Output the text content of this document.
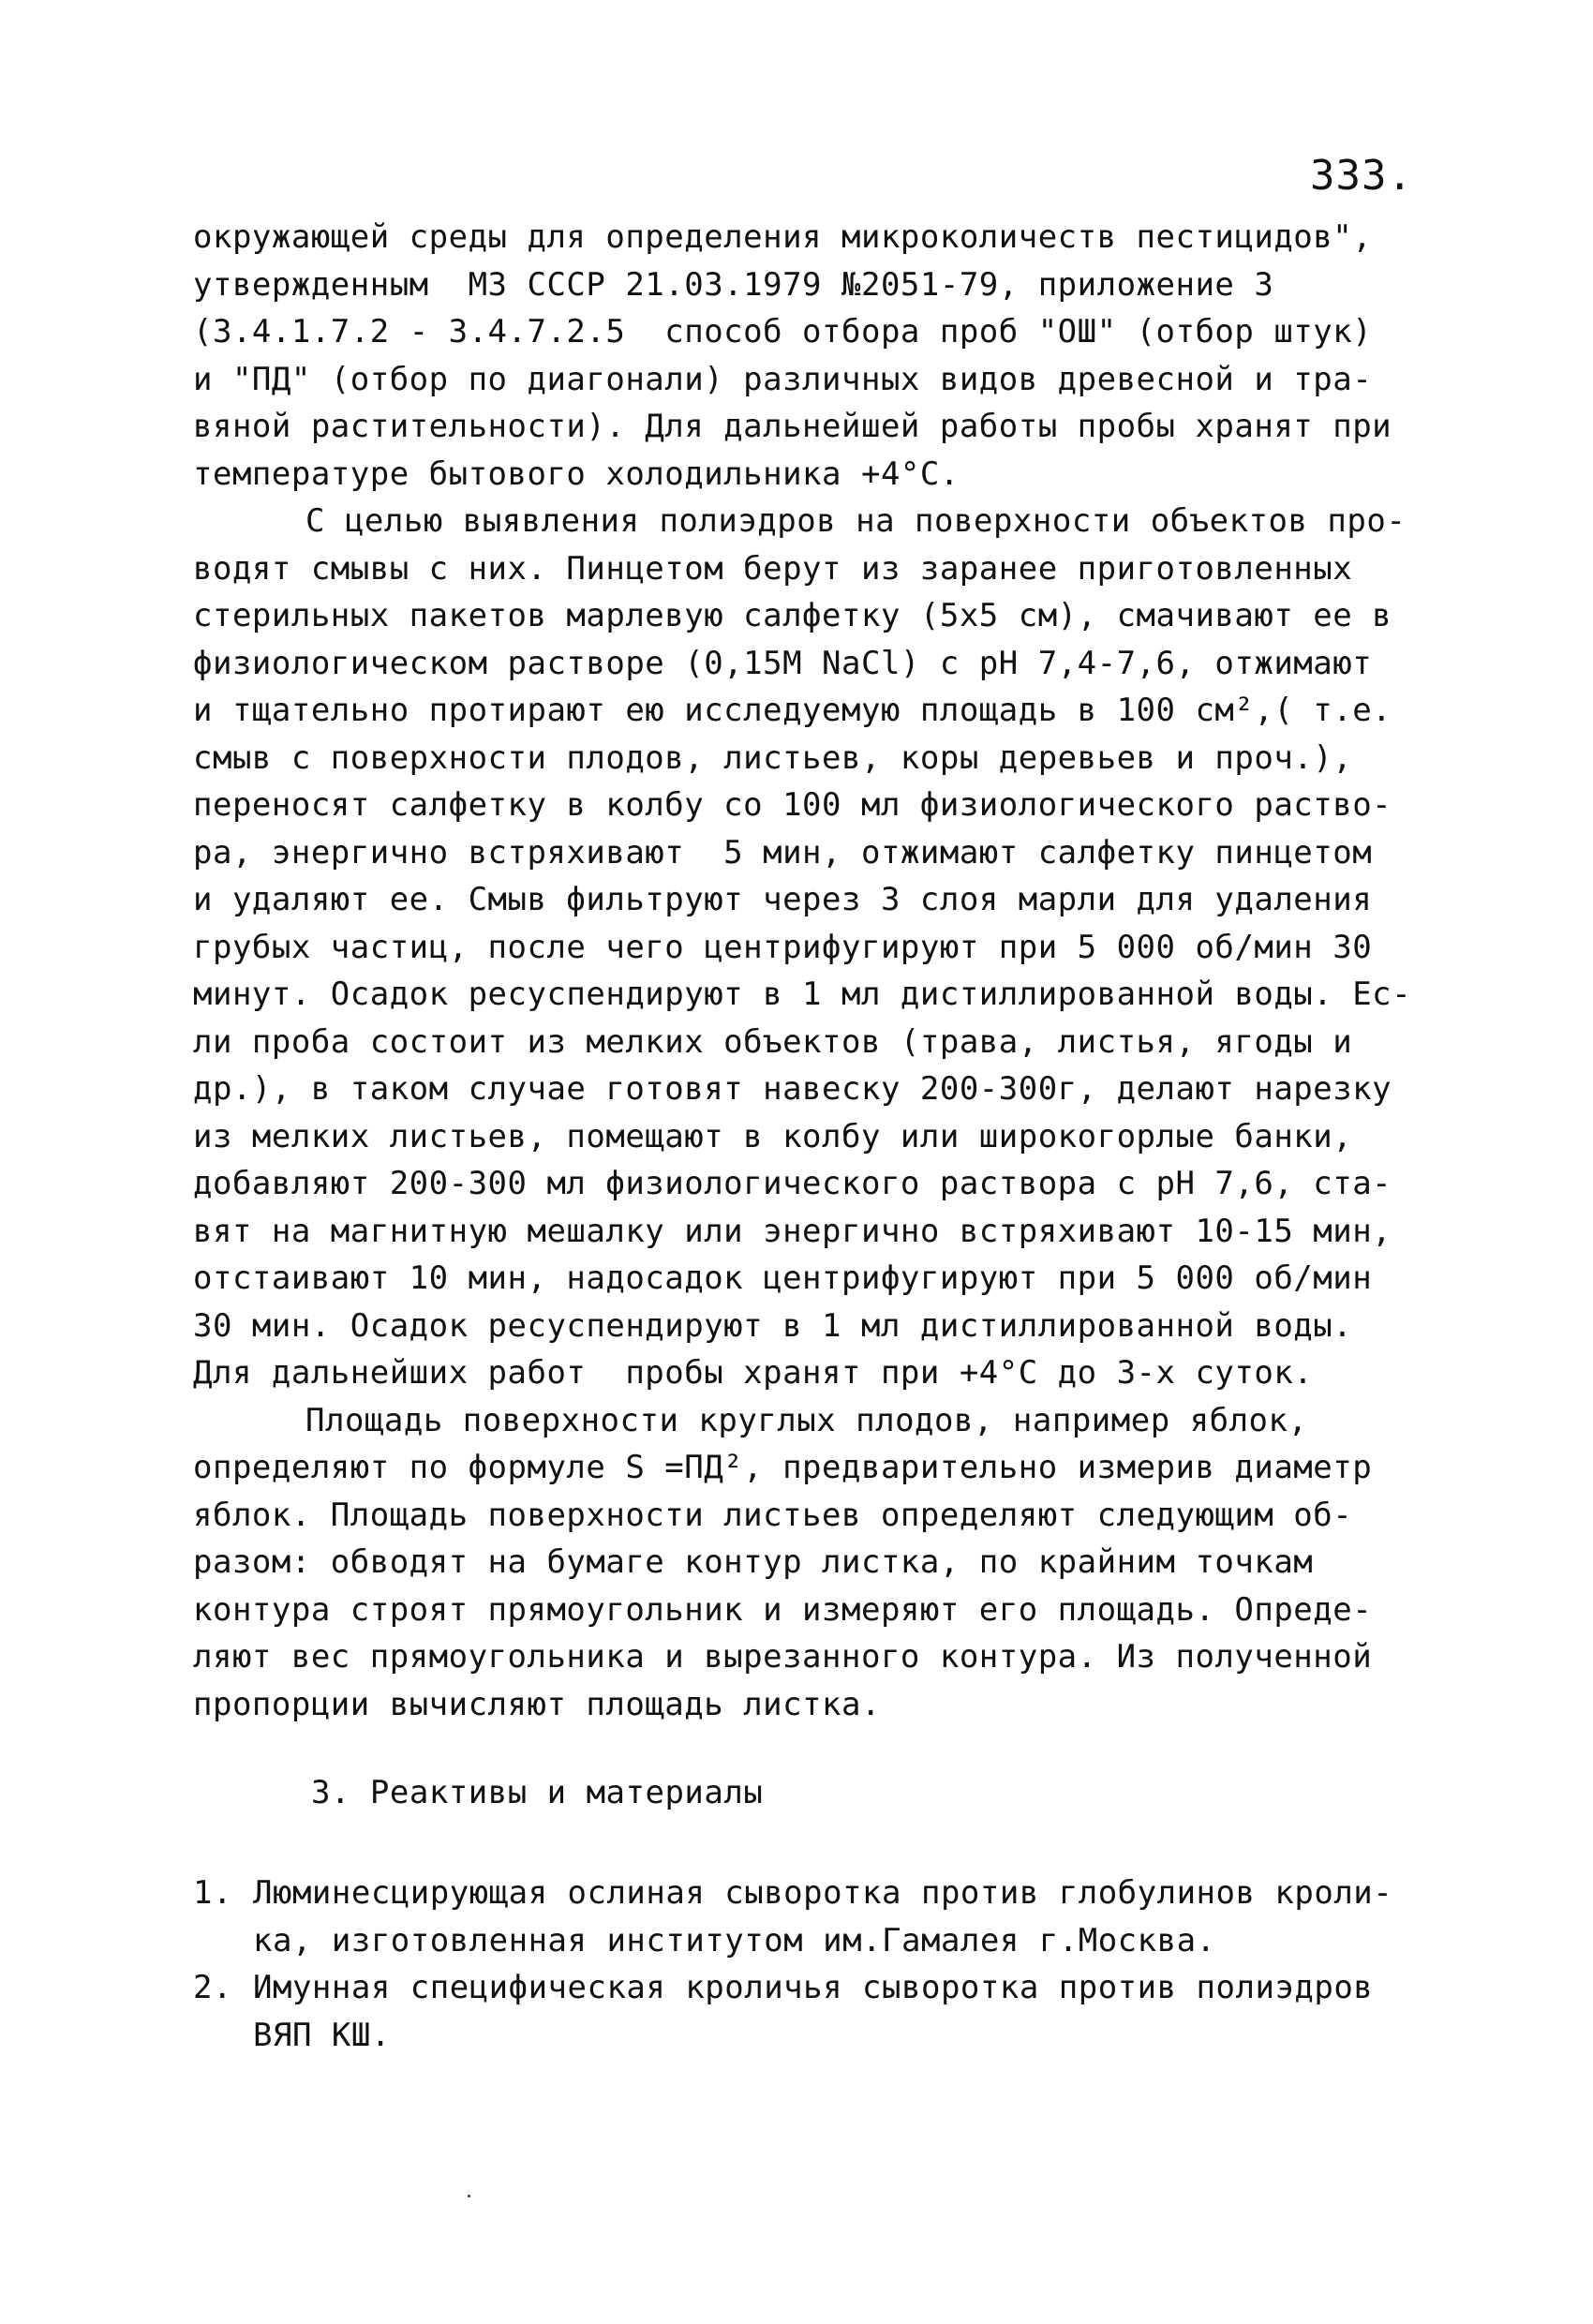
333.
окружающей среды для определения микроколичеств пестицидов",
утвержденным  МЗ СССР 21.03.1979 №2051-79, приложение 3
(3.4.1.7.2 - 3.4.7.2.5  способ отбора проб "ОШ" (отбор штук)
и "ПД" (отбор по диагонали) различных видов древесной и тра-
вяной растительности). Для дальнейшей работы пробы хранят при
температуре бытового холодильника +4°С.
С целью выявления полиэдров на поверхности объектов про-
водят смывы с них. Пинцетом берут из заранее приготовленных
стерильных пакетов марлевую салфетку (5х5 см), смачивают ее в
физиологическом растворе (0,15М NaCl) с рН 7,4-7,6, отжимают
и тщательно протирают ею исследуемую площадь в 100 см²,( т.е.
смыв с поверхности плодов, листьев, коры деревьев и проч.),
переносят салфетку в колбу со 100 мл физиологического раство-
ра, энергично встряхивают  5 мин, отжимают салфетку пинцетом
и удаляют ее. Смыв фильтруют через 3 слоя марли для удаления
грубых частиц, после чего центрифугируют при 5 000 об/мин 30
минут. Осадок ресуспендируют в 1 мл дистиллированной воды. Ес-
ли проба состоит из мелких объектов (трава, листья, ягоды и
др.), в таком случае готовят навеску 200-300г, делают нарезку
из мелких листьев, помещают в колбу или широкогорлые банки,
добавляют 200-300 мл физиологического раствора с рН 7,6, ста-
вят на магнитную мешалку или энергично встряхивают 10-15 мин,
отстаивают 10 мин, надосадок центрифугируют при 5 000 об/мин
30 мин. Осадок ресуспендируют в 1 мл дистиллированной воды.
Для дальнейших работ  пробы хранят при +4°С до 3-х суток.
Площадь поверхности круглых плодов, например яблок,
определяют по формуле S =ПД², предварительно измерив диаметр
яблок. Площадь поверхности листьев определяют следующим об-
разом: обводят на бумаге контур листка, по крайним точкам
контура строят прямоугольник и измеряют его площадь. Опреде-
ляют вес прямоугольника и вырезанного контура. Из полученной
пропорции вычисляют площадь листка.
3. Реактивы и материалы
1. Люминесцирующая ослиная сыворотка против глобулинов кроли-
ка, изготовленная институтом им.Гамалея г.Москва.
2. Имунная специфическая кроличья сыворотка против полиэдров
ВЯП КШ.
